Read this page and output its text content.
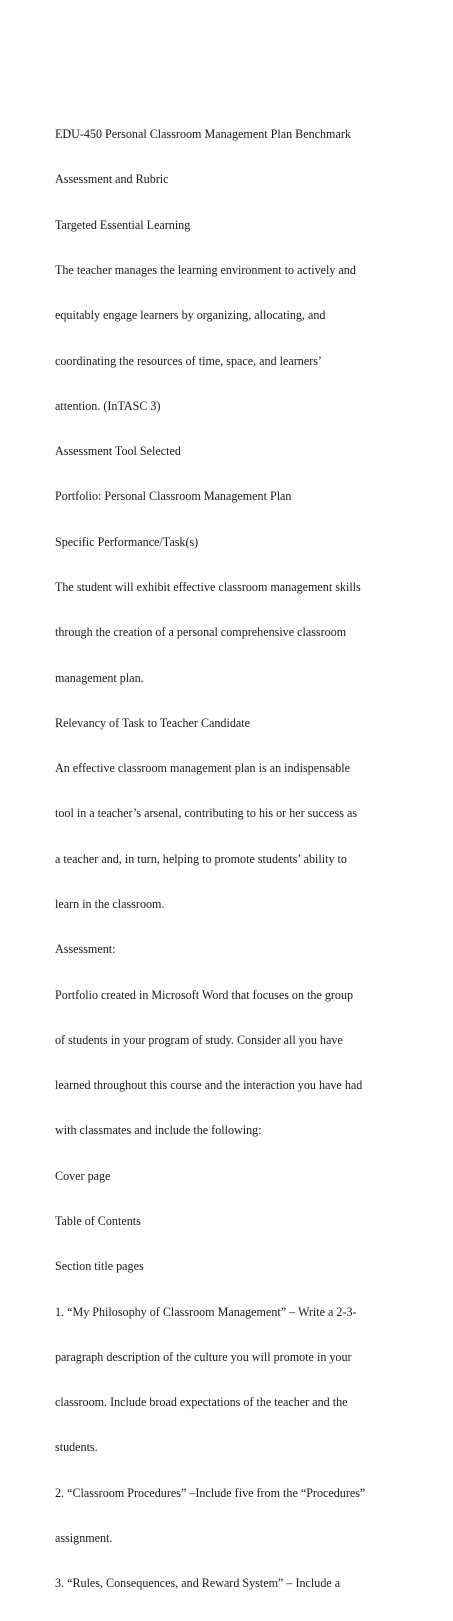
EDU-450 Personal Classroom Management Plan Benchmark

Assessment and Rubric

Targeted Essential Learning

The teacher manages the learning environment to actively and

equitably engage learners by organizing, allocating, and

coordinating the resources of time, space, and learners’

attention. (InTASC 3)

Assessment Tool Selected

Portfolio: Personal Classroom Management Plan

Specific Performance/Task(s)

The student will exhibit effective classroom management skills

through the creation of a personal comprehensive classroom

management plan.

Relevancy of Task to Teacher Candidate

An effective classroom management plan is an indispensable

tool in a teacher’s arsenal, contributing to his or her success as

a teacher and, in turn, helping to promote students’ ability to

learn in the classroom.

Assessment:

Portfolio created in Microsoft Word that focuses on the group

of students in your program of study. Consider all you have

learned throughout this course and the interaction you have had

with classmates and include the following:

Cover page

Table of Contents

Section title pages

1. “My Philosophy of Classroom Management” – Write a 2-3-

paragraph description of the culture you will promote in your

classroom. Include broad expectations of the teacher and the

students.

2. “Classroom Procedures” –Include five from the “Procedures”

assignment.

3. “Rules, Consequences, and Reward System” – Include a
